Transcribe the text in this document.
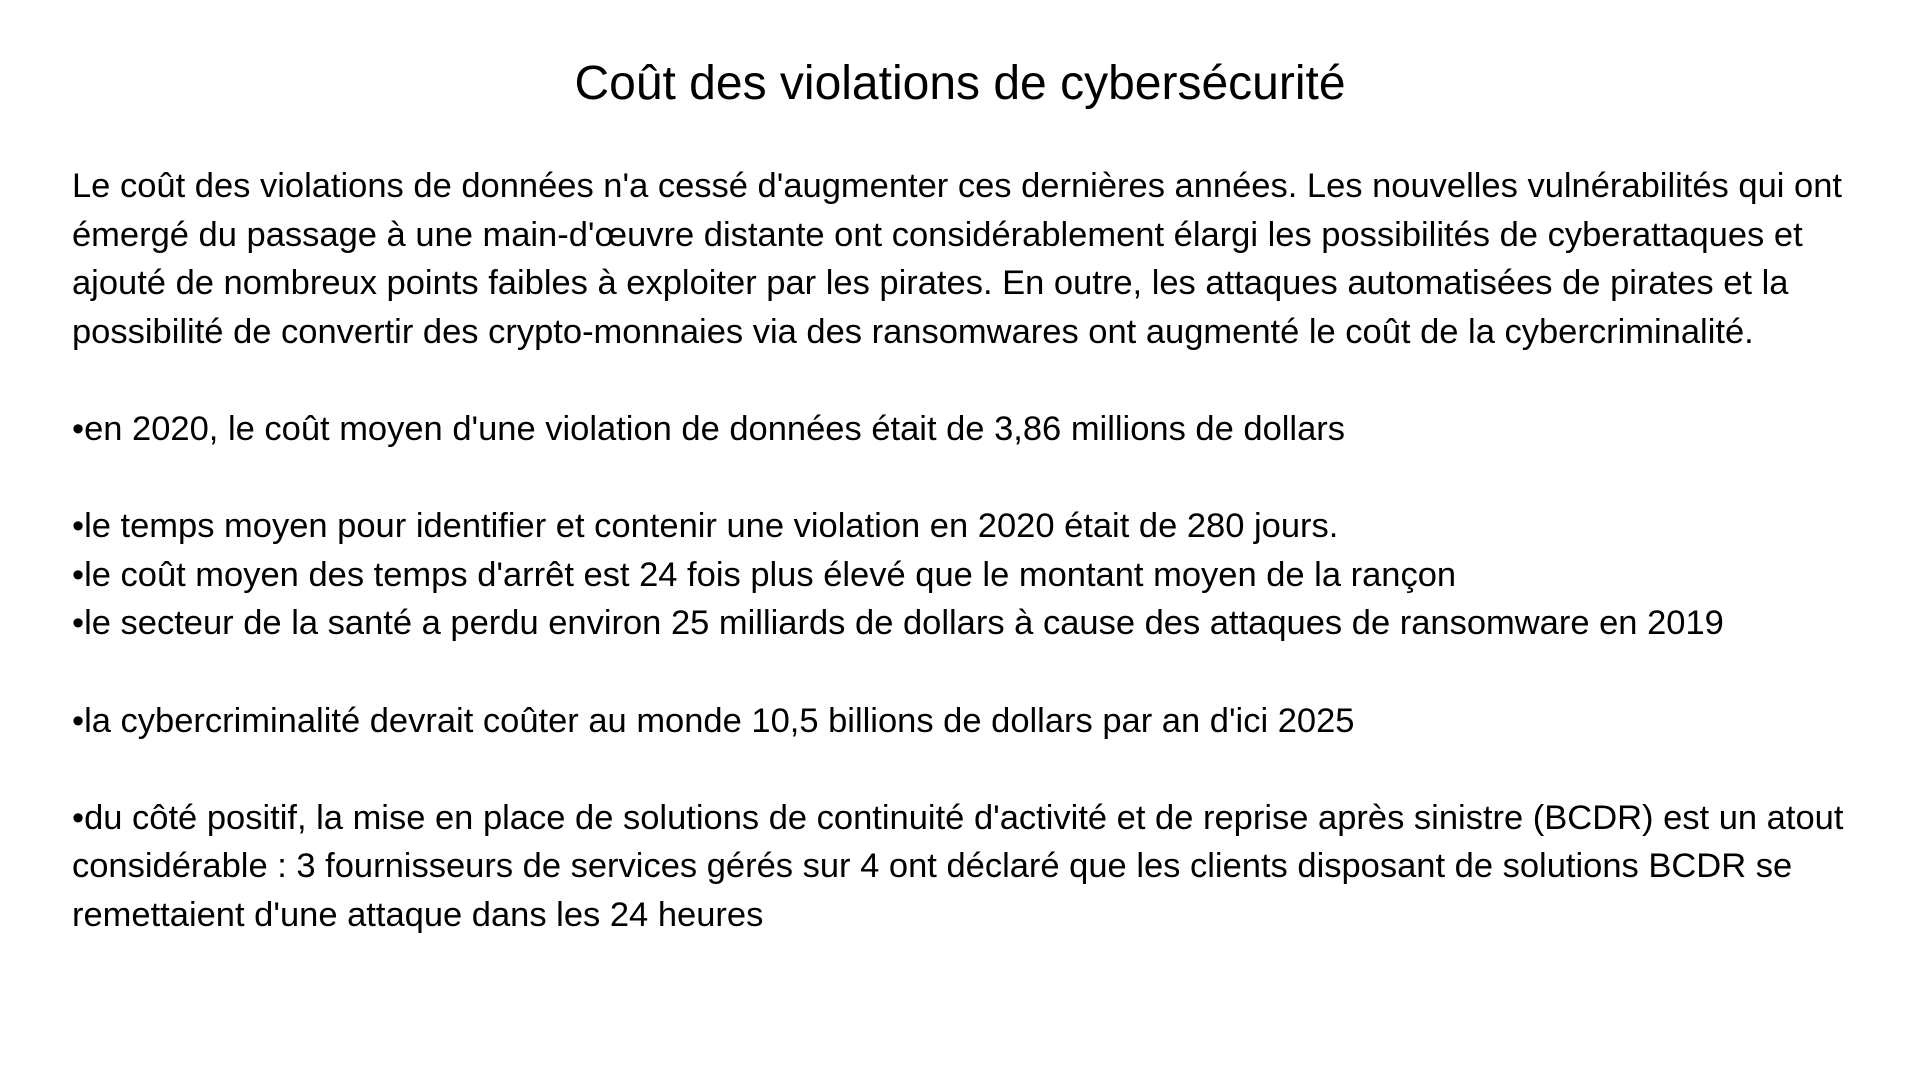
Coût des violations de cybersécurité

Le coût des violations de données n'a cessé d'augmenter ces dernières années. Les nouvelles vulnérabilités qui ont émergé du passage à une main-d'œuvre distante ont considérablement élargi les possibilités de cyberattaques et ajouté de nombreux points faibles à exploiter par les pirates. En outre, les attaques automatisées de pirates et la possibilité de convertir des crypto-monnaies via des ransomwares ont augmenté le coût de la cybercriminalité.

•en 2020, le coût moyen d'une violation de données était de 3,86 millions de dollars

•le temps moyen pour identifier et contenir une violation en 2020 était de 280 jours.

•le coût moyen des temps d'arrêt est 24 fois plus élevé que le montant moyen de la rançon

•le secteur de la santé a perdu environ 25 milliards de dollars à cause des attaques de ransomware en 2019

•la cybercriminalité devrait coûter au monde 10,5 billions de dollars par an d'ici 2025

•du côté positif, la mise en place de solutions de continuité d'activité et de reprise après sinistre (BCDR) est un atout considérable : 3 fournisseurs de services gérés sur 4 ont déclaré que les clients disposant de solutions BCDR se remettaient d'une attaque dans les 24 heures
